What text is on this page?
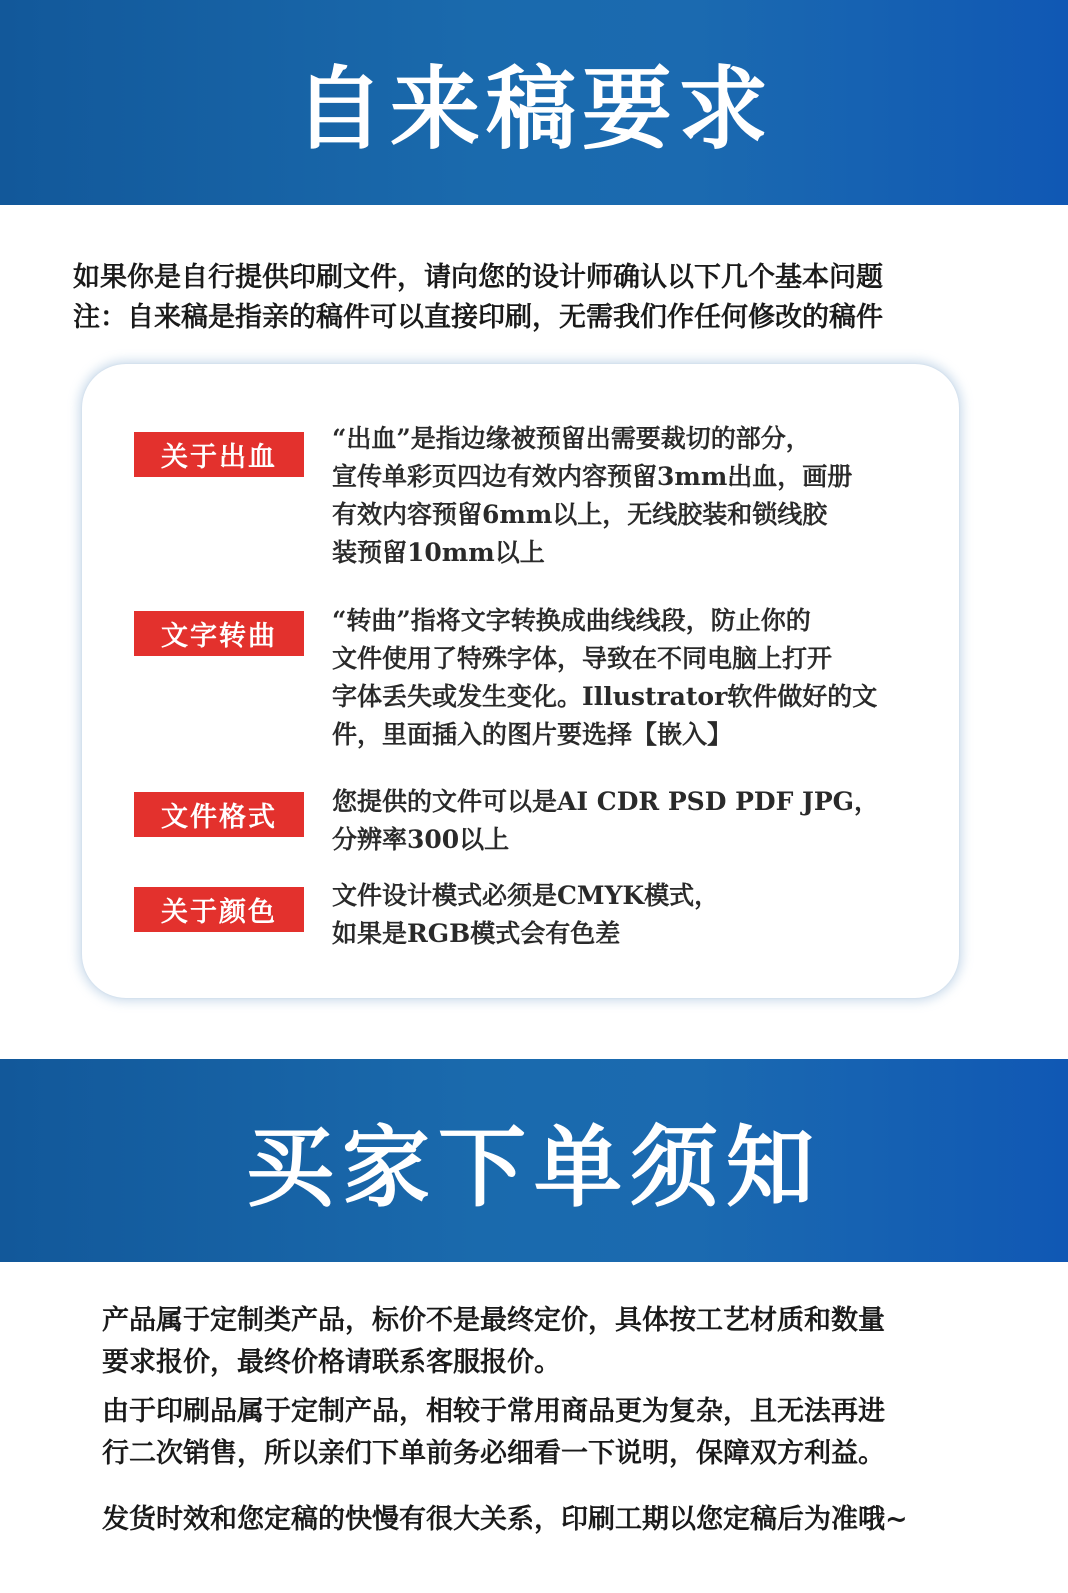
自来稿要求
如果你是自行提供印刷文件，请向您的设计师确认以下几个基本问题
注：自来稿是指亲的稿件可以直接印刷，无需我们作任何修改的稿件
关于出血
“出血”是指边缘被预留出需要裁切的部分，
宣传单彩页四边有效内容预留3mm出血，画册
有效内容预留6mm以上，无线胶装和锁线胶
装预留10mm以上
文字转曲
“转曲”指将文字转换成曲线线段，防止你的
文件使用了特殊字体，导致在不同电脑上打开
字体丢失或发生变化。Illustrator软件做好的文
件，里面插入的图片要选择【嵌入】
文件格式
您提供的文件可以是AI CDR PSD PDF JPG，
分辨率300以上
关于颜色
文件设计模式必须是CMYK模式，
如果是RGB模式会有色差
买家下单须知

产品属于定制类产品，标价不是最终定价，具体按工艺材质和数量
要求报价，最终价格请联系客服报价。

由于印刷品属于定制产品，相较于常用商品更为复杂，且无法再进
行二次销售，所以亲们下单前务必细看一下说明，保障双方利益。

发货时效和您定稿的快慢有很大关系，印刷工期以您定稿后为准哦~
